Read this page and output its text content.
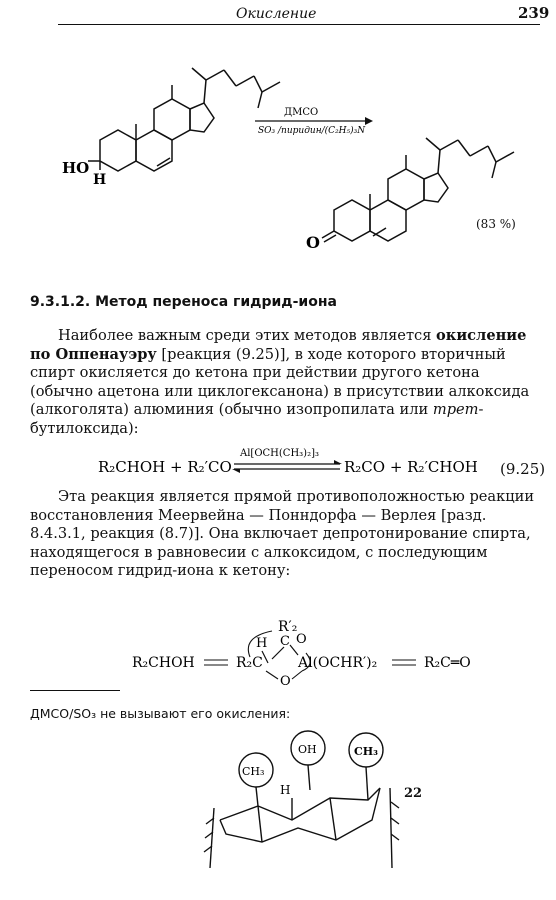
Окисление	239
HO
H
ДМСО
SO₃ /пиридин/(C₂H₅)₃N
O
(83 %)
9.3.1.2. Метод переноса гидрид-иона
Наиболее важным среди этих методов является окисление по Оппенауэру [реакция (9.25)], в ходе которого вторичный спирт окисляется до кетона при действии другого кетона (обычно ацетона или циклогексанона) в присутствии алкоксида (алкоголята) алюминия (обычно изопропилата или трет-бутилоксида):
R₂CHOH + R₂′CO
Al[OCH(CH₃)₂]₃
R₂CO + R₂′CHOH (9.25)
Эта реакция является прямой противоположностью реакции восстановления Меервейна — Понндорфа — Верлея [разд. 8.4.3.1, реакция (8.7)]. Она включает депротонирование спирта, находящегося в равновесии с алкоксидом, с последующим переносом гидрид-иона к кетону:
R′₂
C O
H
R₂CHOH	R₂C	Al(OCHR′)₂
O
R₂C═O
ДМСО/SO₃ не вызывают его окисления:
CH₃
OH	CH₃
H	22
